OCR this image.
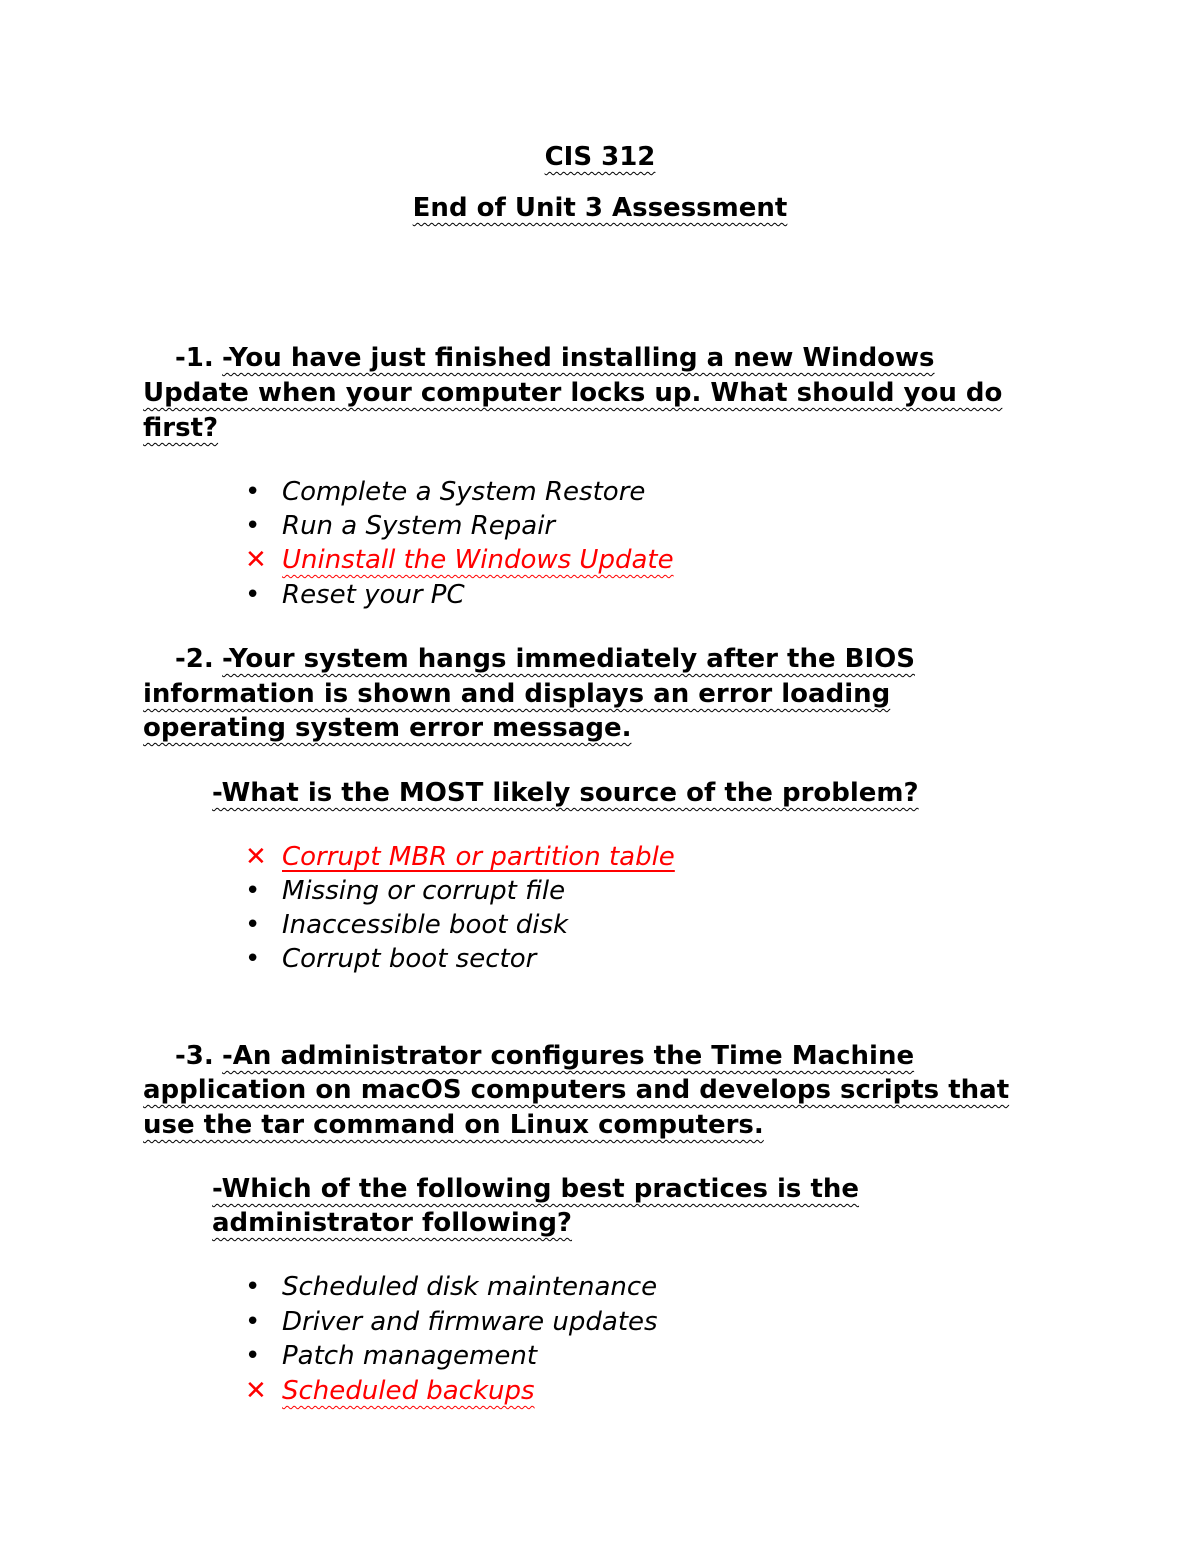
CIS 312
End of Unit 3 Assessment
-1. -You have just finished installing a new Windows
Update when your computer locks up. What should you do
first?
• Complete a System Restore
• Run a System Repair
✕ Uninstall the Windows Update
• Reset your PC
-2. -Your system hangs immediately after the BIOS
information is shown and displays an error loading
operating system error message.
-What is the MOST likely source of the problem?
✕ Corrupt MBR or partition table
• Missing or corrupt file
• Inaccessible boot disk
• Corrupt boot sector
-3. -An administrator configures the Time Machine
application on macOS computers and develops scripts that
use the tar command on Linux computers.
-Which of the following best practices is the
administrator following?
• Scheduled disk maintenance
• Driver and firmware updates
• Patch management
✕ Scheduled backups
